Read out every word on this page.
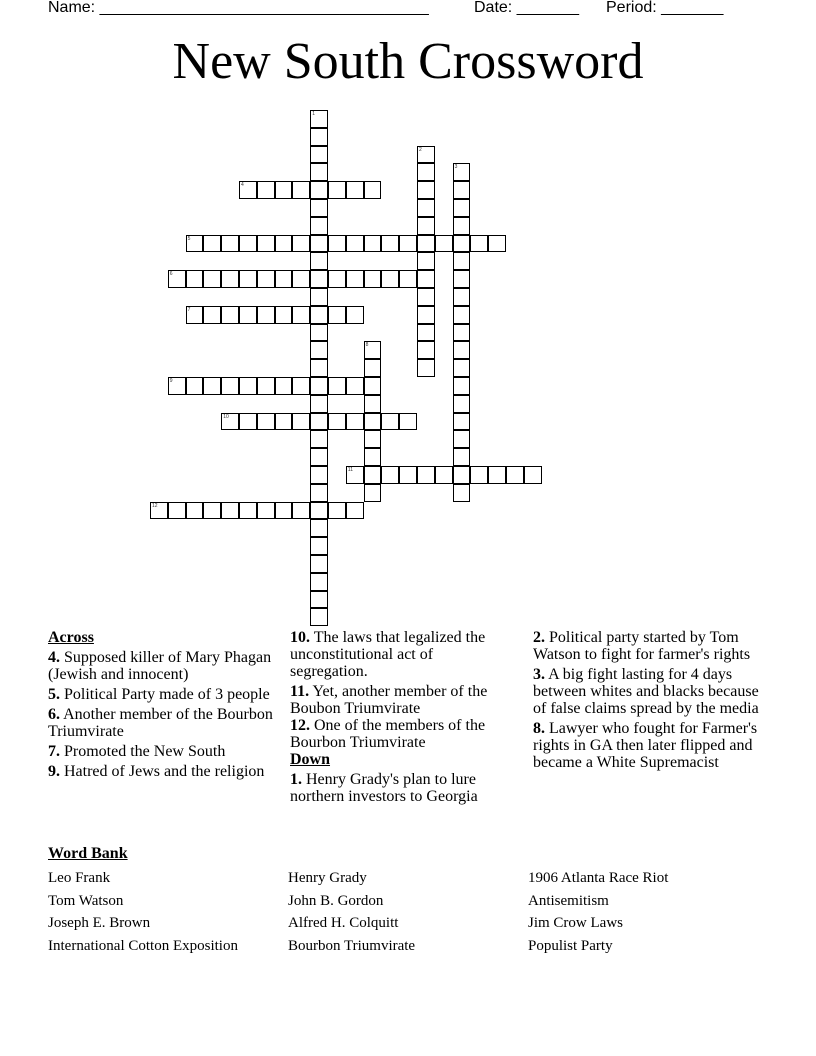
Name: _____________________________________	Date: _______ Period: _______
New South Crossword
1
2
3
4
5
6
7
8
9
10
11
12
Across
4. Supposed killer of Mary Phagan (Jewish and innocent)
5. Political Party made of 3 people
6. Another member of the Bourbon Triumvirate
7. Promoted the New South
9. Hatred of Jews and the religion
10. The laws that legalized the unconstitutional act of segregation.
11. Yet, another member of the Boubon Triumvirate
12. One of the members of the Bourbon Triumvirate
Down
1. Henry Grady's plan to lure northern investors to Georgia
2. Political party started by Tom Watson to fight for farmer's rights
3. A big fight lasting for 4 days between whites and blacks because of false claims spread by the media
8. Lawyer who fought for Farmer's rights in GA then later flipped and became a White Supremacist
Word Bank
Leo Frank
Tom Watson
Joseph E. Brown
International Cotton Exposition
Henry Grady
John B. Gordon
Alfred H. Colquitt
Bourbon Triumvirate
1906 Atlanta Race Riot
Antisemitism
Jim Crow Laws
Populist Party
